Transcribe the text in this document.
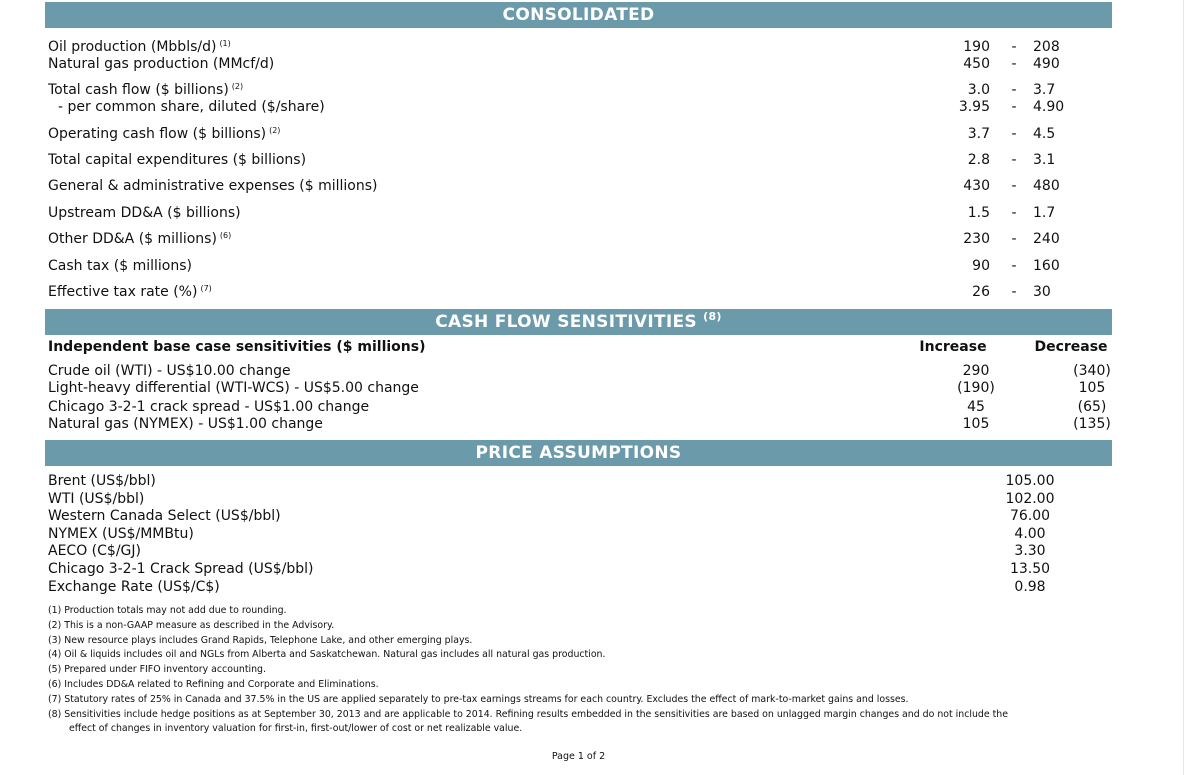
CONSOLIDATED
Oil production (Mbbls/d) $^{(1)}$	190 - 208
Natural gas production (MMcf/d)	450 - 490
Total cash flow ($ billions) $^{(2)}$	3.0 - 3.7
- per common share, diluted ($/share)	3.95 - 4.90
Operating cash flow ($ billions) $^{(2)}$	3.7 - 4.5
Total capital expenditures ($ billions)	2.8 - 3.1
General & administrative expenses ($ millions)	430 - 480
Upstream DD&A ($ billions)	1.5 - 1.7
Other DD&A ($ millions) $^{(6)}$	230 - 240
Cash tax ($ millions)	90 - 160
Effective tax rate (%) $^{(7)}$	26 - 30
CASH FLOW SENSITIVITIES $^{(8)}$
Independent base case sensitivities ($ millions)	Increase	Decrease
Crude oil (WTI) - US$10.00 change	290	(340)
Light-heavy differential (WTI-WCS) - US$5.00 change	(190)	105
Chicago 3-2-1 crack spread - US$1.00 change	45	(65)
Natural gas (NYMEX) - US$1.00 change	105	(135)
PRICE ASSUMPTIONS
Brent (US$/bbl)	105.00
WTI (US$/bbl)	102.00
Western Canada Select (US$/bbl)	76.00
NYMEX (US$/MMBtu)	4.00
AECO (C$/GJ)	3.30
Chicago 3-2-1 Crack Spread (US$/bbl)	13.50
Exchange Rate (US$/C$)	0.98
(1) Production totals may not add due to rounding.
(2) This is a non-GAAP measure as described in the Advisory.
(3) New resource plays includes Grand Rapids, Telephone Lake, and other emerging plays.
(4) Oil & liquids includes oil and NGLs from Alberta and Saskatchewan. Natural gas includes all natural gas production.
(5) Prepared under FIFO inventory accounting.
(6) Includes DD&A related to Refining and Corporate and Eliminations.
(7) Statutory rates of 25% in Canada and 37.5% in the US are applied separately to pre-tax earnings streams for each country. Excludes the effect of mark-to-market gains and losses.
(8) Sensitivities include hedge positions as at September 30, 2013 and are applicable to 2014. Refining results embedded in the sensitivities are based on unlagged margin changes and do not include the
effect of changes in inventory valuation for first-in, first-out/lower of cost or net realizable value.
Page 1 of 2
